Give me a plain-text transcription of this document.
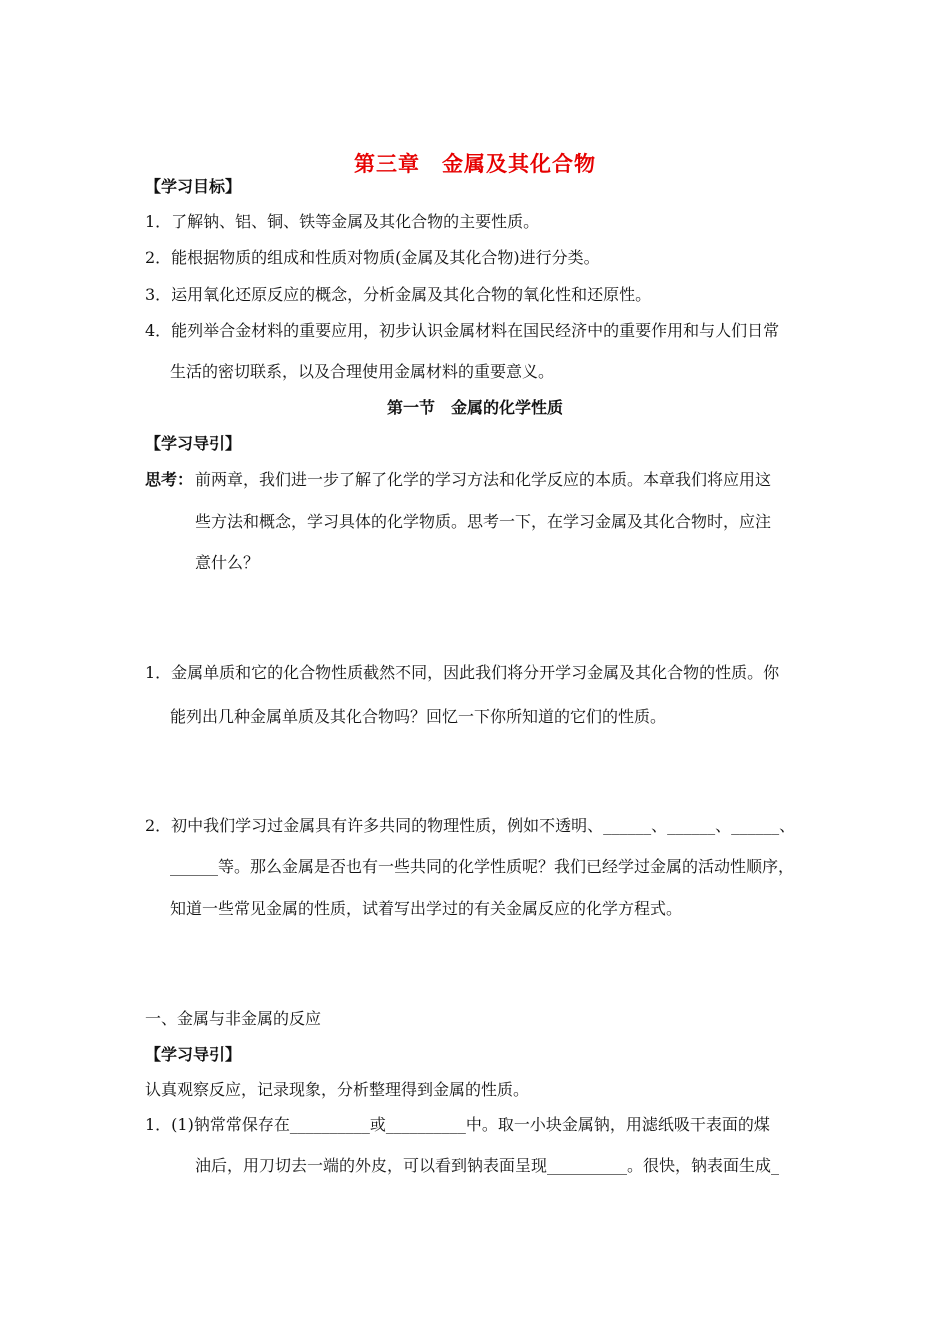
第三章　金属及其化合物
【学习目标】
1．了解钠、铝、铜、铁等金属及其化合物的主要性质。
2．能根据物质的组成和性质对物质(金属及其化合物)进行分类。
3．运用氧化还原反应的概念，分析金属及其化合物的氧化性和还原性。
4．能列举合金材料的重要应用，初步认识金属材料在国民经济中的重要作用和与人们日常
生活的密切联系，以及合理使用金属材料的重要意义。
第一节　金属的化学性质
【学习导引】
思考： 前两章，我们进一步了解了化学的学习方法和化学反应的本质。本章我们将应用这
些方法和概念，学习具体的化学物质。思考一下，在学习金属及其化合物时，应注
意什么？
1．金属单质和它的化合物性质截然不同，因此我们将分开学习金属及其化合物的性质。你
能列出几种金属单质及其化合物吗？回忆一下你所知道的它们的性质。
2．初中我们学习过金属具有许多共同的物理性质，例如不透明、______、______、______、
______等。那么金属是否也有一些共同的化学性质呢？我们已经学过金属的活动性顺序，
知道一些常见金属的性质，试着写出学过的有关金属反应的化学方程式。
一、金属与非金属的反应
【学习导引】
认真观察反应，记录现象，分析整理得到金属的性质。
1．(1)钠常常保存在__________或__________中。取一小块金属钠，用滤纸吸干表面的煤
油后，用刀切去一端的外皮，可以看到钠表面呈现__________。很快，钠表面生成_
